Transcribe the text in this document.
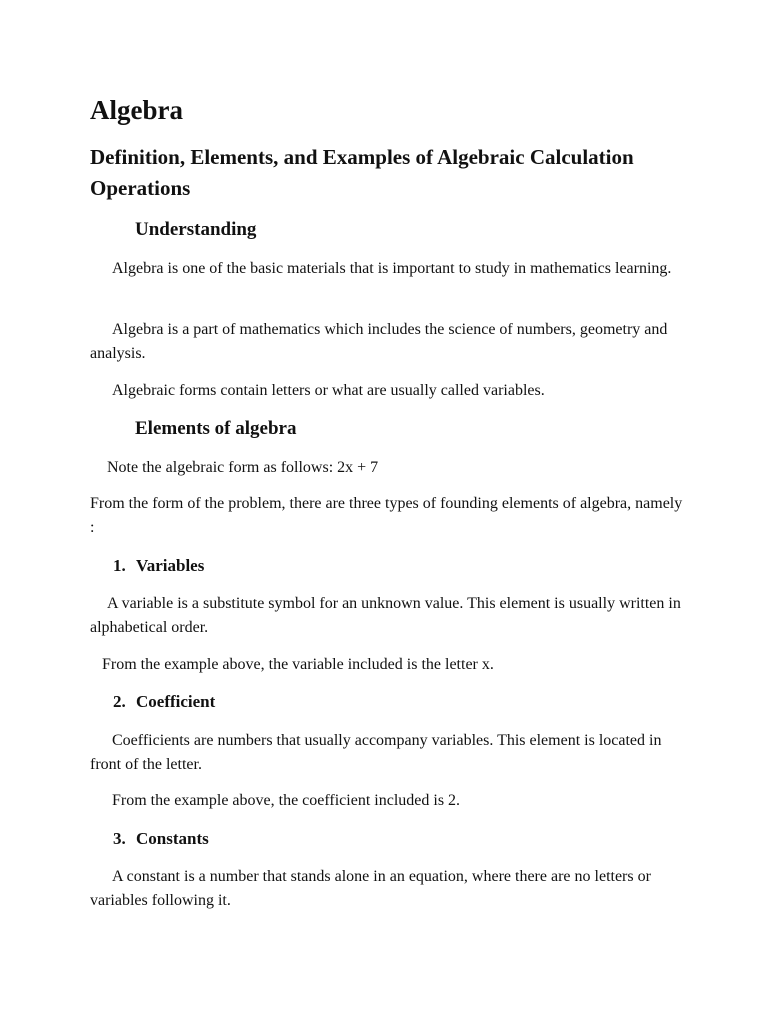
Algebra
Definition, Elements, and Examples of Algebraic Calculation Operations
Understanding

Algebra is one of the basic materials that is important to study in mathematics learning.

Algebra is a part of mathematics which includes the science of numbers, geometry and analysis.

Algebraic forms contain letters or what are usually called variables.

Elements of algebra

Note the algebraic form as follows: 2x + 7

From the form of the problem, there are three types of founding elements of algebra, namely :

1. Variables

A variable is a substitute symbol for an unknown value. This element is usually written in alphabetical order.

From the example above, the variable included is the letter x.

2. Coefficient

Coefficients are numbers that usually accompany variables. This element is located in front of the letter.

From the example above, the coefficient included is 2.

3. Constants

A constant is a number that stands alone in an equation, where there are no letters or variables following it.
